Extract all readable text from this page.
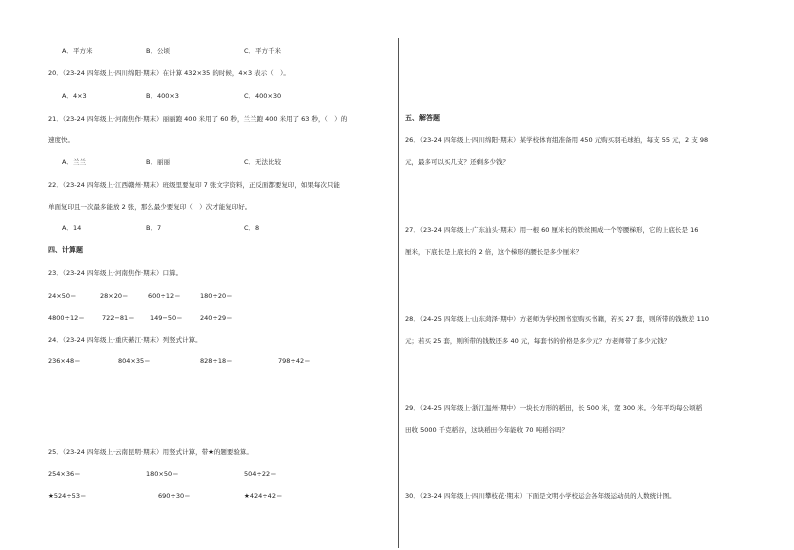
A．平方米	B．公顷	C．平方千米
20．（23-24 四年级上·四川绵阳·期末）在计算 432×35 的时候，4×3 表示（　）。
A．4×3	B．400×3	C．400×30
21．（23-24 四年级上·河南焦作·期末）丽丽跑 400 米用了 60 秒，兰兰跑 400 米用了 63 秒，（　）的
速度快。
A．兰兰	B．丽丽	C．无法比较
22．（23-24 四年级上·江西赣州·期末）班级里要复印 7 张文字资料，正反面都要复印，如果每次只能
单面复印且一次最多能放 2 张，那么最少要复印（　）次才能复印好。
A．14	B．7	C．8
四、计算题
23．（23-24 四年级上·河南焦作·期末）口算。
24×50＝	28×20＝	600÷12＝	180÷20＝
4800÷12＝	722−81＝ 149−50＝	240÷29＝
24．（23-24 四年级上·重庆綦江·期末）列竖式计算。
236×48＝	804×35＝	828÷18＝	798÷42＝
25．（23-24 四年级上·云南昆明·期末）用竖式计算，带★的题要验算。
254×36＝	180×50＝	504÷22＝
★524÷53＝	690÷30＝	★424÷42＝
五、解答题
26．（23-24 四年级上·四川绵阳·期末）某学校体育组准备用 450 元购买羽毛球拍，每支 55 元，2 支 98
元，最多可以买几支？还剩多少钱？
27．（23-24 四年级上·广东汕头·期末）用一根 60 厘米长的铁丝围成一个等腰梯形，它的上底长是 16
厘米，下底长是上底长的 2 倍，这个梯形的腰长是多少厘米？
28．（24-25 四年级上·山东菏泽·期中）方老师为学校图书室购买书籍，若买 27 套，则所带的钱数差 110
元；若买 25 套，则所带的钱数还多 40 元，每套书的价格是多少元？方老师带了多少元钱？
29．（24-25 四年级上·浙江温州·期中）一块长方形的稻田，长 500 米，宽 300 米。今年平均每公顷稻
田收 5000 千克稻谷，这块稻田今年能收 70 吨稻谷吗？
30．（23-24 四年级上·四川攀枝花·期末）下面是文明小学校运会各年级运动员的人数统计图。
